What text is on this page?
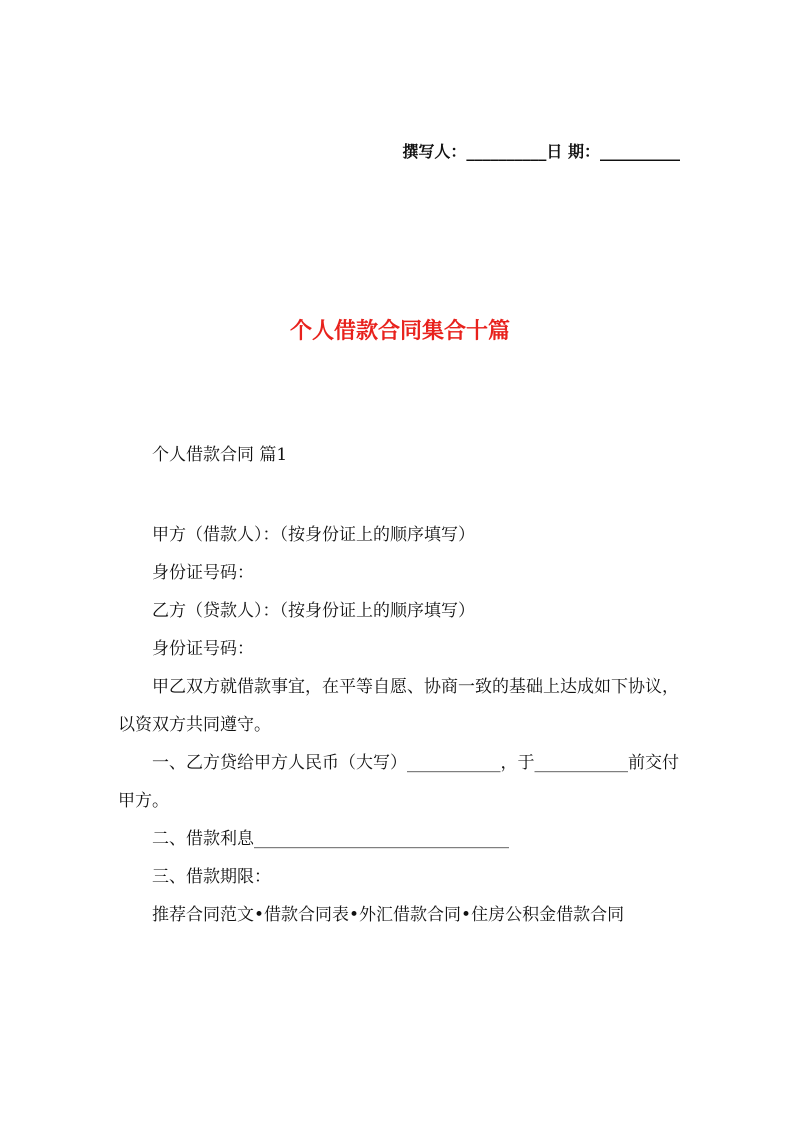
撰写人：__________日 期：__________
个人借款合同集合十篇

个人借款合同 篇1

甲方（借款人）：（按身份证上的顺序填写）

身份证号码：

乙方（贷款人）：（按身份证上的顺序填写）

身份证号码：

甲乙双方就借款事宜，在平等自愿、协商一致的基础上达成如下协议，以资双方共同遵守。

一、乙方贷给甲方人民币（大写）___________，于___________前交付甲方。

二、借款利息______________________________

三、借款期限：

推荐合同范文•借款合同表•外汇借款合同•住房公积金借款合同
